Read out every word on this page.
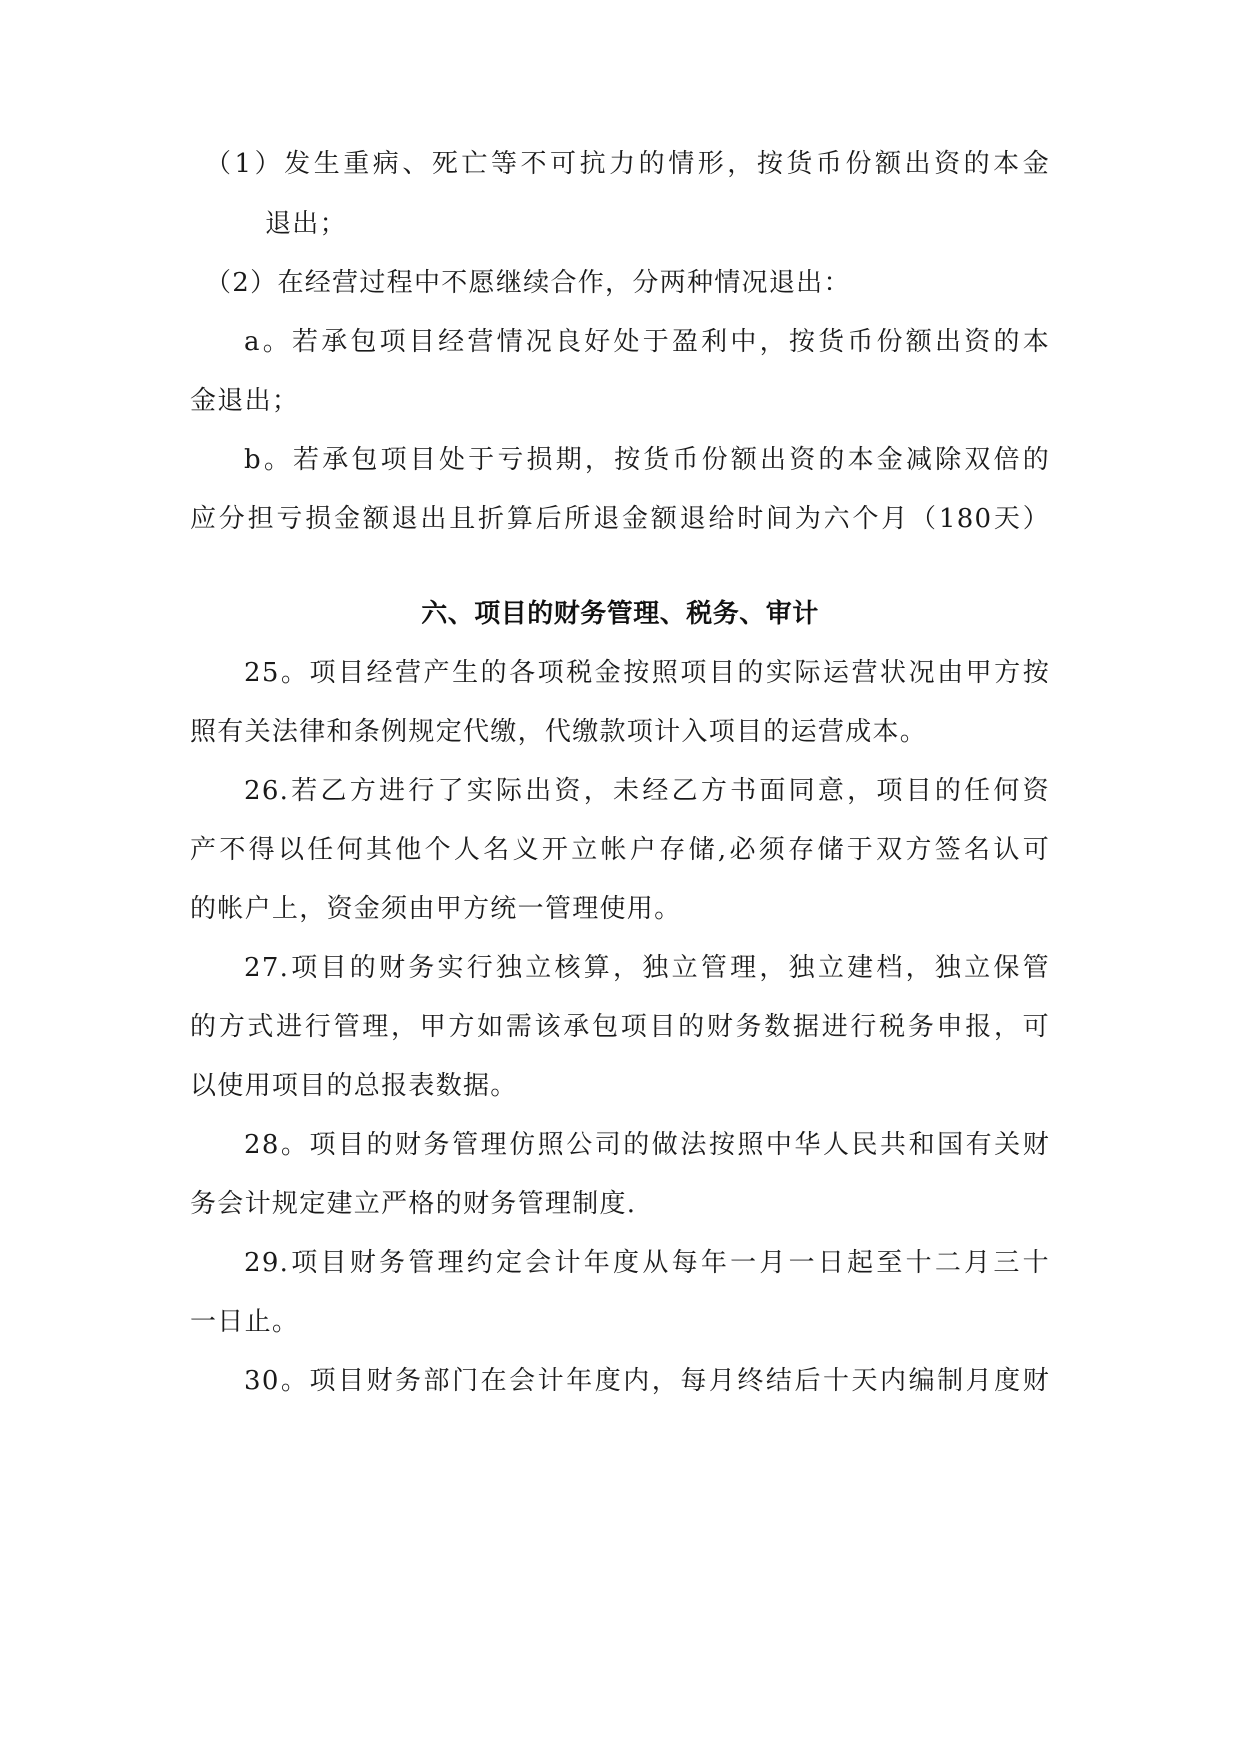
（1）发生重病、死亡等不可抗力的情形，按货币份额出资的本金
退出；
（2）在经营过程中不愿继续合作，分两种情况退出：
a。若承包项目经营情况良好处于盈利中，按货币份额出资的本
金退出；
b。若承包项目处于亏损期，按货币份额出资的本金减除双倍的
应分担亏损金额退出且折算后所退金额退给时间为六个月（180天）
六、项目的财务管理、税务、审计
25。项目经营产生的各项税金按照项目的实际运营状况由甲方按
照有关法律和条例规定代缴，代缴款项计入项目的运营成本。
26.若乙方进行了实际出资，未经乙方书面同意，项目的任何资
产不得以任何其他个人名义开立帐户存储,必须存储于双方签名认可
的帐户上，资金须由甲方统一管理使用。
27.项目的财务实行独立核算，独立管理，独立建档，独立保管
的方式进行管理，甲方如需该承包项目的财务数据进行税务申报，可
以使用项目的总报表数据。
28。项目的财务管理仿照公司的做法按照中华人民共和国有关财
务会计规定建立严格的财务管理制度.
29.项目财务管理约定会计年度从每年一月一日起至十二月三十
一日止。
30。项目财务部门在会计年度内，每月终结后十天内编制月度财
